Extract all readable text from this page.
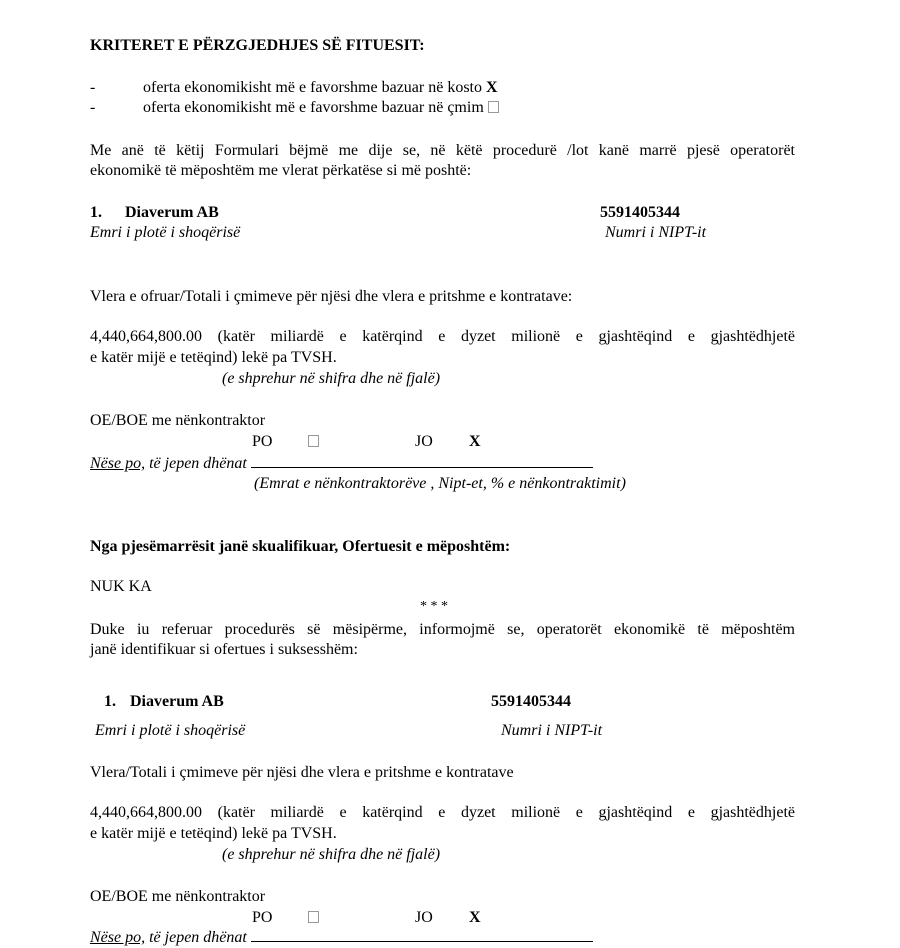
KRITERET E PËRZGJEDHJES SË FITUESIT:
-	oferta ekonomikisht më e favorshme bazuar në kosto X
-	oferta ekonomikisht më e favorshme bazuar në çmim
Me anë të këtij Formulari bëjmë me dije se, në këtë procedurë /lot kanë marrë pjesë operatorët
ekonomikë të mëposhtëm me vlerat përkatëse si më poshtë:
1. Diaverum AB	5591405344
Emri i plotë i shoqërisë	Numri i NIPT-it
Vlera e ofruar/Totali i çmimeve për njësi dhe vlera e pritshme e kontratave:
4,440,664,800.00 (katër miliardë e katërqind e dyzet milionë e gjashtëqind e gjashtëdhjetë
e katër mijë e tetëqind) lekë pa TVSH.
(e shprehur në shifra dhe në fjalë)
OE/BOE me nënkontraktor
PO	JO X
Nëse po, të jepen dhënat
(Emrat e nënkontraktorëve , Nipt-et, % e nënkontraktimit)
Nga pjesëmarrësit janë skualifikuar, Ofertuesit e mëposhtëm:
NUK KA
* * *
Duke iu referuar procedurës së mësipërme, informojmë se, operatorët ekonomikë të mëposhtëm
janë identifikuar si ofertues i suksesshëm:
1. Diaverum AB	5591405344
Emri i plotë i shoqërisë	Numri i NIPT-it
Vlera/Totali i çmimeve për njësi dhe vlera e pritshme e kontratave
4,440,664,800.00 (katër miliardë e katërqind e dyzet milionë e gjashtëqind e gjashtëdhjetë
e katër mijë e tetëqind) lekë pa TVSH.
(e shprehur në shifra dhe në fjalë)
OE/BOE me nënkontraktor
PO	JO X
Nëse po, të jepen dhënat
